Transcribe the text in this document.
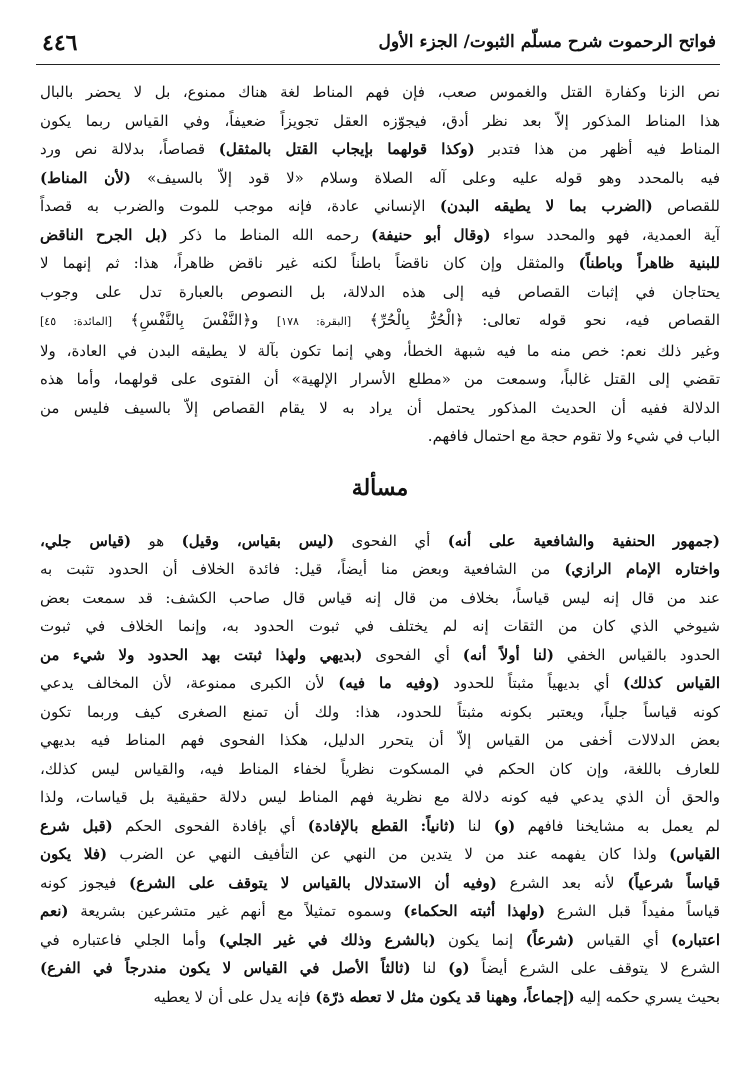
٤٤٦	فواتح الرحموت شرح مسلّم الثبوت/ الجزء الأول
نص الزنا وكفارة القتل والغموس صعب، فإن فهم المناط لغة هناك ممنوع، بل لا يحضر بالبال
هذا المناط المذكور إلاّ بعد نظر أدق، فيجوّزه العقل تجويزاً ضعيفاً، وفي القياس ربما يكون
المناط فيه أظهر من هذا فتدبر (وكذا قولهما بإيجاب القتل بالمثقل) قصاصاً، بدلالة نص ورد
فيه بالمحدد وهو قوله عليه وعلى آله الصلاة وسلام «لا قود إلاّ بالسيف» (لأن المناط)
للقصاص (الضرب بما لا يطيقه البدن) الإنساني عادة، فإنه موجب للموت والضرب به قصداً
آية العمدية، فهو والمحدد سواء (وقال أبو حنيفة) رحمه الله المناط ما ذكر (بل الجرح الناقض
للبنية ظاهراً وباطناً) والمثقل وإن كان ناقضاً باطناً لكنه غير ناقض ظاهراً، هذا: ثم إنهما لا
يحتاجان في إثبات القصاص فيه إلى هذه الدلالة، بل النصوص بالعبارة تدل على وجوب
القصاص فيه، نحو قوله تعالى: ﴿الْحُرُّ بِالْحُرِّ﴾ [البقرة: ١٧٨] و﴿النَّفْسَ بِالنَّفْسِ﴾ [المائدة: ٤٥]
وغير ذلك نعم: خص منه ما فيه شبهة الخطأ، وهي إنما تكون بآلة لا يطيقه البدن في العادة، ولا
تقضي إلى القتل غالباً، وسمعت من «مطلع الأسرار الإلهية» أن الفتوى على قولهما، وأما هذه
الدلالة ففيه أن الحديث المذكور يحتمل أن يراد به لا يقام القصاص إلاّ بالسيف فليس من
الباب في شيء ولا تقوم حجة مع احتمال فافهم.
مسألة
(جمهور الحنفية والشافعية على أنه) أي الفحوى (ليس بقياس، وقيل) هو (قياس جلي،
واختاره الإمام الرازي) من الشافعية وبعض منا أيضاً، قيل: فائدة الخلاف أن الحدود تثبت به
عند من قال إنه ليس قياساً، بخلاف من قال إنه قياس قال صاحب الكشف: قد سمعت بعض
شيوخي الذي كان من الثقات إنه لم يختلف في ثبوت الحدود به، وإنما الخلاف في ثبوت
الحدود بالقياس الخفي (لنا أولاً أنه) أي الفحوى (بديهي ولهذا ثبتت بهد الحدود ولا شيء من
القياس كذلك) أي بديهياً مثبتاً للحدود (وفيه ما فيه) لأن الكبرى ممنوعة، لأن المخالف يدعي
كونه قياساً جلياً، ويعتبر بكونه مثبتاً للحدود، هذا: ولك أن تمنع الصغرى كيف وربما تكون
بعض الدلالات أخفى من القياس إلاّ أن يتحرر الدليل، هكذا الفحوى فهم المناط فيه بديهي
للعارف باللغة، وإن كان الحكم في المسكوت نظرياً لخفاء المناط فيه، والقياس ليس كذلك،
والحق أن الذي يدعي فيه كونه دلالة مع نظرية فهم المناط ليس دلالة حقيقية بل قياسات، ولذا
لم يعمل به مشايخنا فافهم (و) لنا (ثانياً: القطع بالإفادة) أي بإفادة الفحوى الحكم (قبل شرع
القياس) ولذا كان يفهمه عند من لا يتدين من النهي عن التأفيف النهي عن الضرب (فلا يكون
قياساً شرعياً) لأنه بعد الشرع (وفيه أن الاستدلال بالقياس لا يتوقف على الشرع) فيجوز كونه
قياساً مفيداً قبل الشرع (ولهذا أثبته الحكماء) وسموه تمثيلاً مع أنهم غير متشرعين بشريعة (نعم
اعتباره) أي القياس (شرعاً) إنما يكون (بالشرع وذلك في غير الجلي) وأما الجلي فاعتباره في
الشرع لا يتوقف على الشرع أيضاً (و) لنا (ثالثاً الأصل في القياس لا يكون مندرجاً في الفرع)
بحيث يسري حكمه إليه (إجماعاً، وههنا قد يكون مثل لا تعطه ذرّة) فإنه يدل على أن لا يعطيه
